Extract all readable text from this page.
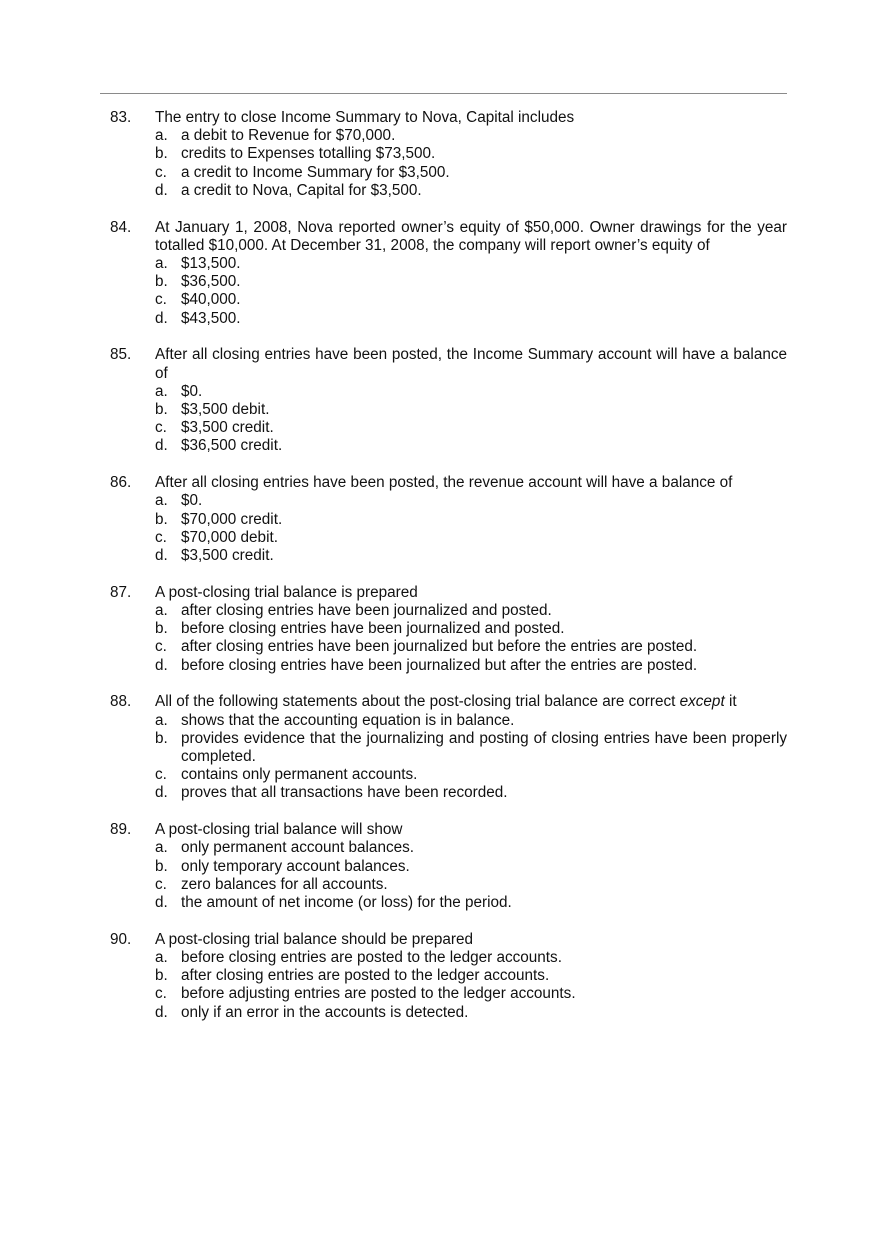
83. The entry to close Income Summary to Nova, Capital includes
a. a debit to Revenue for $70,000.
b. credits to Expenses totalling $73,500.
c. a credit to Income Summary for $3,500.
d. a credit to Nova, Capital for $3,500.
84. At January 1, 2008, Nova reported owner’s equity of $50,000. Owner drawings for the year totalled $10,000. At December 31, 2008, the company will report owner’s equity of
a. $13,500.
b. $36,500.
c. $40,000.
d. $43,500.
85. After all closing entries have been posted, the Income Summary account will have a balance of
a. $0.
b. $3,500 debit.
c. $3,500 credit.
d. $36,500 credit.
86. After all closing entries have been posted, the revenue account will have a balance of
a. $0.
b. $70,000 credit.
c. $70,000 debit.
d. $3,500 credit.
87. A post-closing trial balance is prepared
a. after closing entries have been journalized and posted.
b. before closing entries have been journalized and posted.
c. after closing entries have been journalized but before the entries are posted.
d. before closing entries have been journalized but after the entries are posted.
88. All of the following statements about the post-closing trial balance are correct except it
a. shows that the accounting equation is in balance.
b. provides evidence that the journalizing and posting of closing entries have been properly completed.
c. contains only permanent accounts.
d. proves that all transactions have been recorded.
89. A post-closing trial balance will show
a. only permanent account balances.
b. only temporary account balances.
c. zero balances for all accounts.
d. the amount of net income (or loss) for the period.
90. A post-closing trial balance should be prepared
a. before closing entries are posted to the ledger accounts.
b. after closing entries are posted to the ledger accounts.
c. before adjusting entries are posted to the ledger accounts.
d. only if an error in the accounts is detected.
